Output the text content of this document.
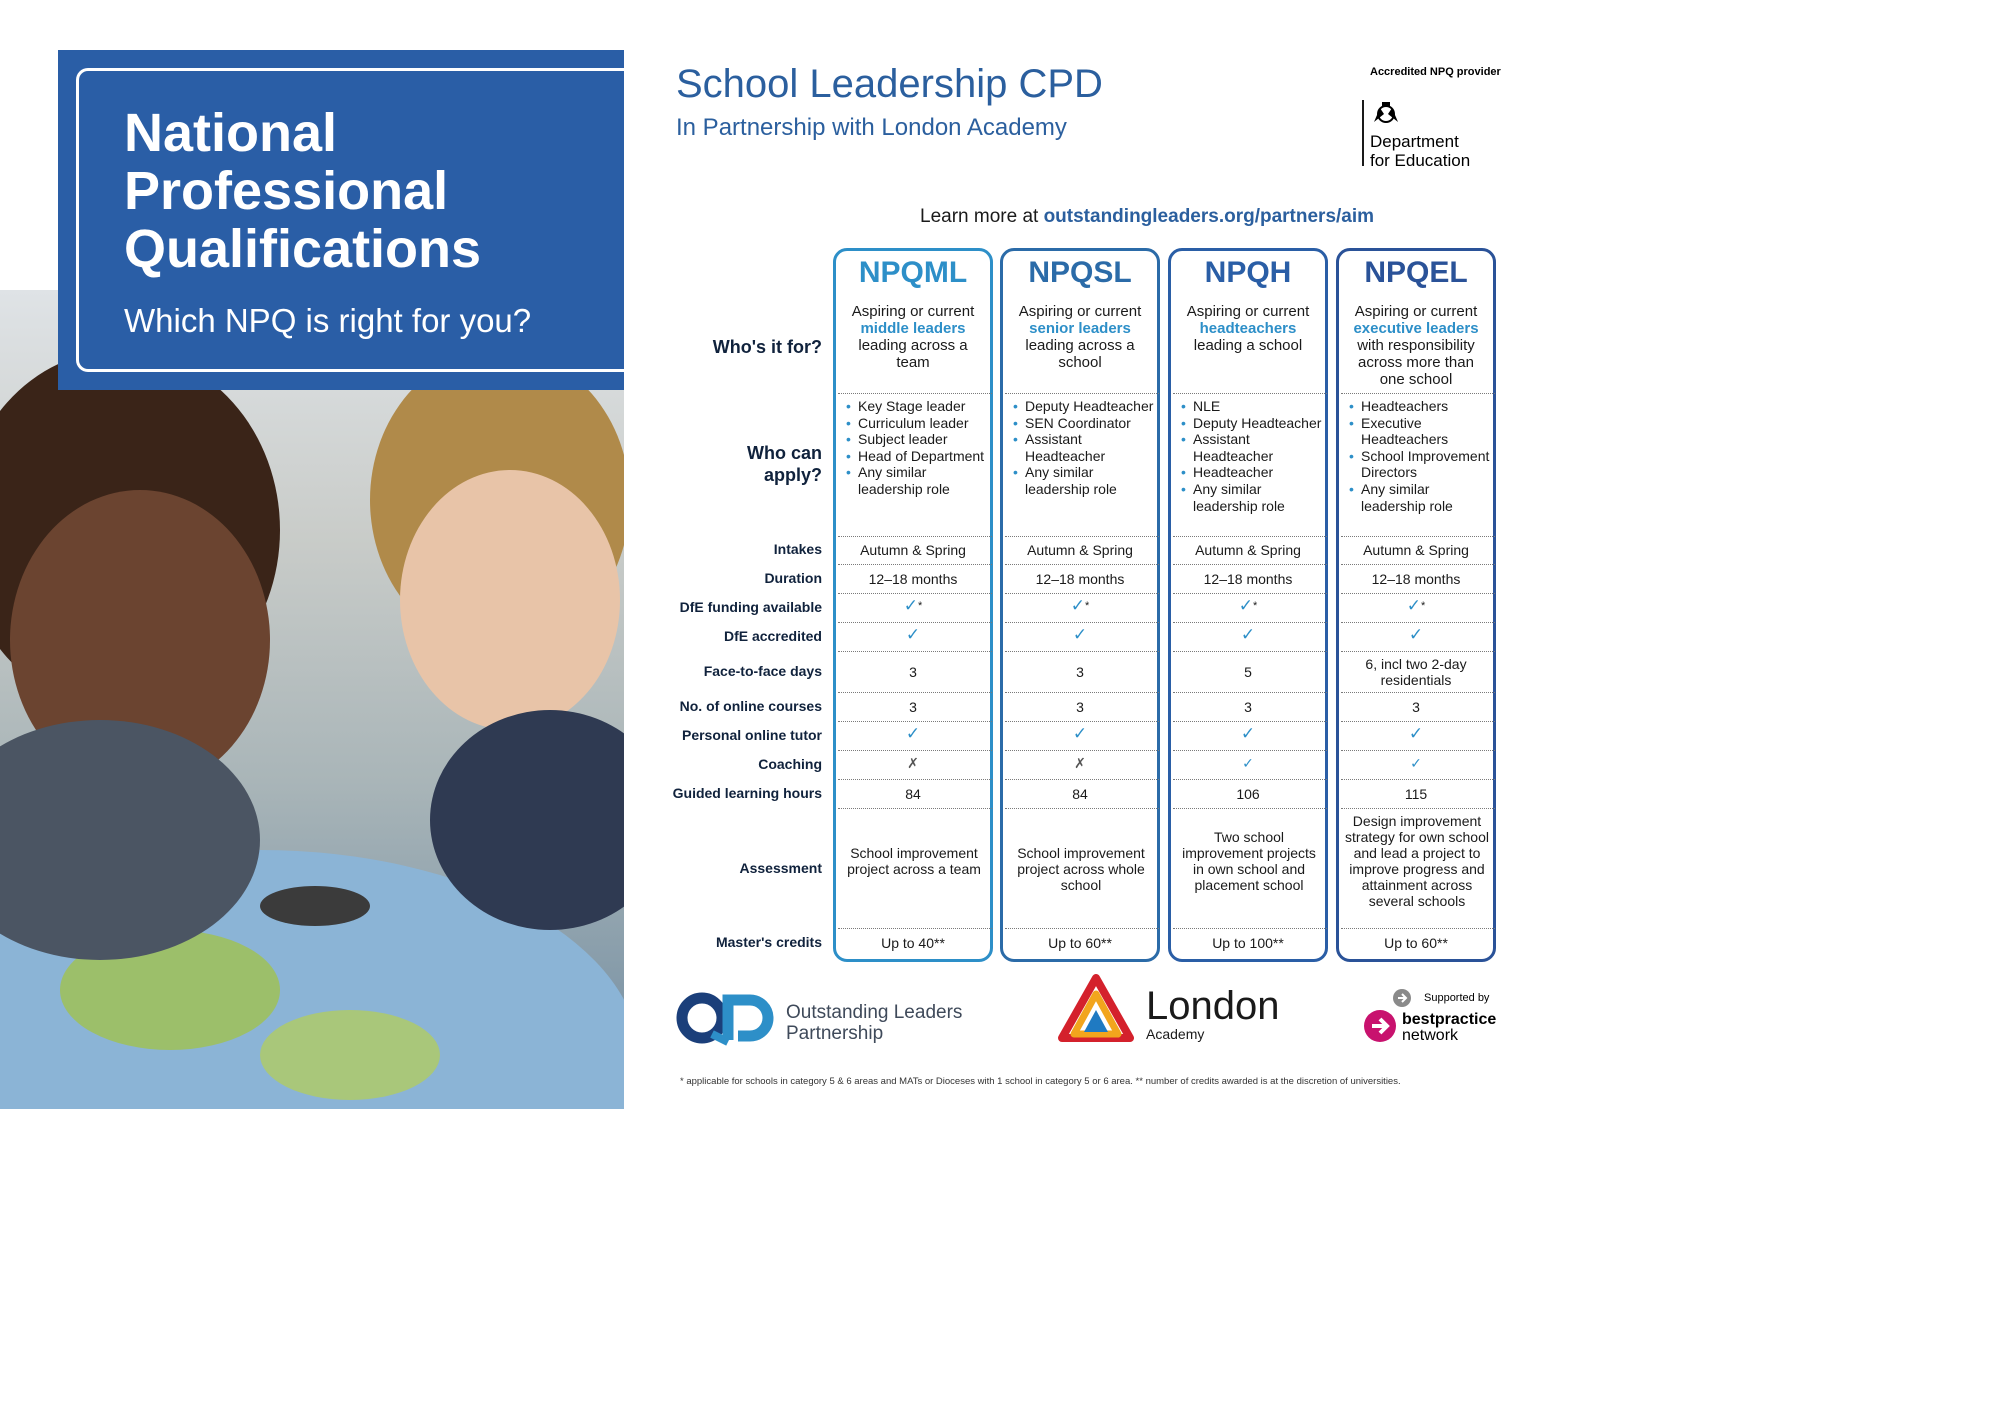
National
Professional
Qualifications
Which NPQ is right for you?
School Leadership CPD
In Partnership with London Academy
Accredited NPQ provider
Department
for Education
Learn more at outstandingleaders.org/partners/aim
NPQML
Aspiring or current
middle leaders
leading across a team
• Key Stage leader
• Curriculum leader
• Subject leader
• Head of Department
• Any similar leadership role
Autumn & Spring
12–18 months
✓*
✓
3
3
✓
✗
84
School improvement project across a team
Up to 40**
NPQSL
Aspiring or current
senior leaders
leading across a school
• Deputy Headteacher
• SEN Coordinator
• Assistant Headteacher
• Any similar leadership role
Autumn & Spring
12–18 months
✓*
✓
3
3
✓
✗
84
School improvement project across whole school
Up to 60**
NPQH
Aspiring or current
headteachers
leading a school
• NLE
• Deputy Headteacher
• Assistant Headteacher
• Headteacher
• Any similar leadership role
Autumn & Spring
12–18 months
✓*
✓
5
3
✓
✓
106
Two school improvement projects in own school and placement school
Up to 100**
NPQEL
Aspiring or current
executive leaders
with responsibility across more than one school
• Headteachers
• Executive Headteachers
• School Improvement Directors
• Any similar leadership role
Autumn & Spring
12–18 months
✓*
✓
6, incl two 2-day residentials
3
✓
✓
115
Design improvement strategy for own school and lead a project to improve progress and attainment across several schools
Up to 60**
Who's it for?
Who can
apply?
Intakes
Duration
DfE funding available
DfE accredited
Face-to-face days
No. of online courses
Personal online tutor
Coaching
Guided learning hours
Assessment
Master's credits
Outstanding Leaders
Partnership
London
Academy
Supported by
bestpractice
network
* applicable for schools in category 5 & 6 areas and MATs or Dioceses with 1 school in category 5 or 6 area. ** number of credits awarded is at the discretion of universities.
